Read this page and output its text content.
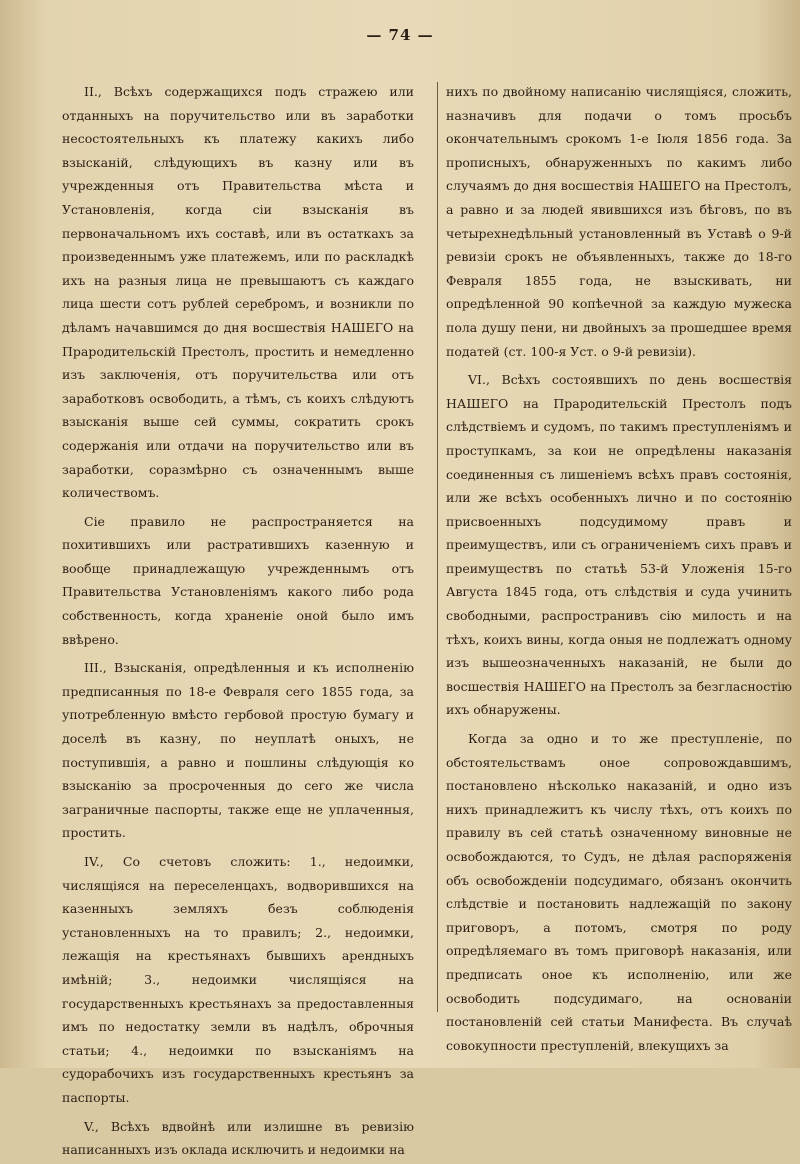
— 74 —

II., Всѣхъ содержащихся подъ стражею или отданныхъ на поручительство или въ заработки несостоятельныхъ къ платежу какихъ либо взысканій, слѣдующихъ въ казну или въ учрежденныя отъ Правительства мѣста и Установленія, когда сіи взысканія въ первоначальномъ ихъ составѣ, или въ остаткахъ за произведеннымъ уже платежемъ, или по раскладкѣ ихъ на разныя лица не превышаютъ съ каждаго лица шести сотъ рублей серебромъ, и возникли по дѣламъ начавшимся до дня восшествія НАШЕГО на Прародительскій Престолъ, простить и немедленно изъ заключенія, отъ поручительства или отъ заработковъ освободить, а тѣмъ, съ коихъ слѣдуютъ взысканія выше сей суммы, сократить срокъ содержанія или отдачи на поручительство или въ заработки, соразмѣрно съ означеннымъ выше количествомъ.

Сіе правило не распространяется на похитившихъ или растратившихъ казенную и вообще принадлежащую учрежденнымъ отъ Правительства Установленіямъ какого либо рода собственность, когда храненіе оной было имъ ввѣрено.

III., Взысканія, опредѣленныя и къ исполненію предписанныя по 18-е Февраля сего 1855 года, за употребленную вмѣсто гербовой простую бумагу и доселѣ въ казну, по неуплатѣ оныхъ, не поступившія, а равно и пошлины слѣдующія ко взысканію за просроченныя до сего же числа заграничные паспорты, также еще не уплаченныя, простить.

IV., Со счетовъ сложить: 1., недоимки, числящіяся на переселенцахъ, водворившихся на казенныхъ земляхъ безъ соблюденія установленныхъ на то правилъ; 2., недоимки, лежащія на крестьянахъ бывшихъ арендныхъ имѣній; 3., недоимки числящіяся на государственныхъ крестьянахъ за предоставленныя имъ по недостатку земли въ надѣлъ, оброчныя статьи; 4., недоимки по взысканіямъ на судорабочихъ изъ государственныхъ крестьянъ за паспорты.

V., Всѣхъ вдвойнѣ или излишне въ ревизію написанныхъ изъ оклада исключить и недоимки на

нихъ по двойному написанію числящіяся, сложить, назначивъ для подачи о томъ просьбъ окончательнымъ срокомъ 1-е Іюля 1856 года. За прописныхъ, обнаруженныхъ по какимъ либо случаямъ до дня восшествія НАШЕГО на Престолъ, а равно и за людей явившихся изъ бѣговъ, по въ четырехнедѣльный установленный въ Уставѣ о 9-й ревизіи срокъ не объявленныхъ, также до 18-го Февраля 1855 года, не взыскивать, ни опредѣленной 90 копѣечной за каждую мужеска пола душу пени, ни двойныхъ за прошедшее время податей (ст. 100-я Уст. о 9-й ревизіи).

VI., Всѣхъ состоявшихъ по день восшествія НАШЕГО на Прародительскій Престолъ подъ слѣдствіемъ и судомъ, по такимъ преступленіямъ и проступкамъ, за кои не опредѣлены наказанія соединенныя съ лишеніемъ всѣхъ правъ состоянія, или же всѣхъ особенныхъ лично и по состоянію присвоенныхъ подсудимому правъ и преимуществъ, или съ ограниченіемъ сихъ правъ и преимуществъ по статьѣ 53-й Уложенія 15-го Августа 1845 года, отъ слѣдствія и суда учинить свободными, распространивъ сію милость и на тѣхъ, коихъ вины, когда оныя не подлежатъ одному изъ вышеозначенныхъ наказаній, не были до восшествія НАШЕГО на Престолъ за безгласностію ихъ обнаружены.

Когда за одно и то же преступленіе, по обстоятельствамъ оное сопровождавшимъ, постановлено нѣсколько наказаній, и одно изъ нихъ принадлежитъ къ числу тѣхъ, отъ коихъ по правилу въ сей статьѣ означенному виновные не освобождаются, то Судъ, не дѣлая распоряженія объ освобожденіи подсудимаго, обязанъ окончить слѣдствіе и постановить надлежащій по закону приговоръ, а потомъ, смотря по роду опредѣляемаго въ томъ приговорѣ наказанія, или предписать оное къ исполненію, или же освободить подсудимаго, на основаніи постановленій сей статьи Манифеста. Въ случаѣ совокупности преступленій, влекущихъ за
